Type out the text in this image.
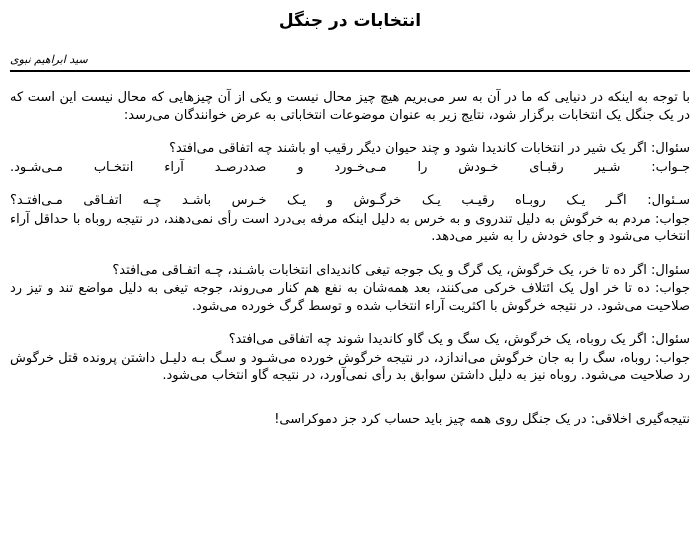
انتخابات در جنگل
سید ابراهیم نبوی

با توجه به اینکه در دنیایی که ما در آن به سر می‌بریم هیچ چیز محال نیست و یکی از آن چیزهایی که محال نیست این است که در یک جنگل یک انتخابات برگزار شود، نتایج زیر به عنوان موضوعات انتخاباتی به عرض خوانندگان می‌رسد:

سئوال: اگر یک شیر در انتخابات کاندیدا شود و چند حیوان دیگر رقیب او باشند چه اتفاقی می‌افتد؟

جـواب: شـیر رقبـای خـودش را مـی‌خـورد و صددرصـد آراء انتخـاب مـی‌شـود.

سـئوال: اگـر یـک روبـاه رقیـب یـک خرگـوش و یـک خـرس باشـد چـه اتفـاقی مـی‌افتـد؟

جواب: مردم به خرگوش به دلیل تندروی و به خرس به دلیل اینکه مرفه بی‌درد است رأی نمی‌دهند، در نتیجه روباه با حداقل آراء انتخاب می‌شود و جای خودش را به شیر می‌دهد.

سئوال: اگر ده تا خر، یک خرگوش، یک گرگ و یک جوجه تیغی کاندیدای انتخابات باشـند، چـه اتفـاقی می‌افتد؟

جواب: ده تا خر اول یک ائتلاف خرکی می‌کنند، بعد همه‌شان به نفع هم کنار می‌روند، جوجه تیغی به دلیل مواضع تند و تیز رد صلاحیت می‌شود. در نتیجه خرگوش با اکثریت آراء انتخاب شده و توسط گرگ خورده می‌شود.

سئوال: اگر یک روباه، یک خرگوش، یک سگ و یک گاو کاندیدا شوند چه اتفاقی می‌افتد؟

جواب: روباه، سگ را به جان خرگوش می‌اندازد، در نتیجه خرگوش خورده می‌شـود و سـگ بـه دلیـل داشتن پرونده قتل خرگوش رد صلاحیت می‌شود. روباه نیز به دلیل داشتن سوابق بد رأی نمی‌آورد، در نتیجه گاو انتخاب می‌شود.

نتیجه‌گیری اخلاقی: در یک جنگل روی همه چیز باید حساب کرد جز دموکراسی!
